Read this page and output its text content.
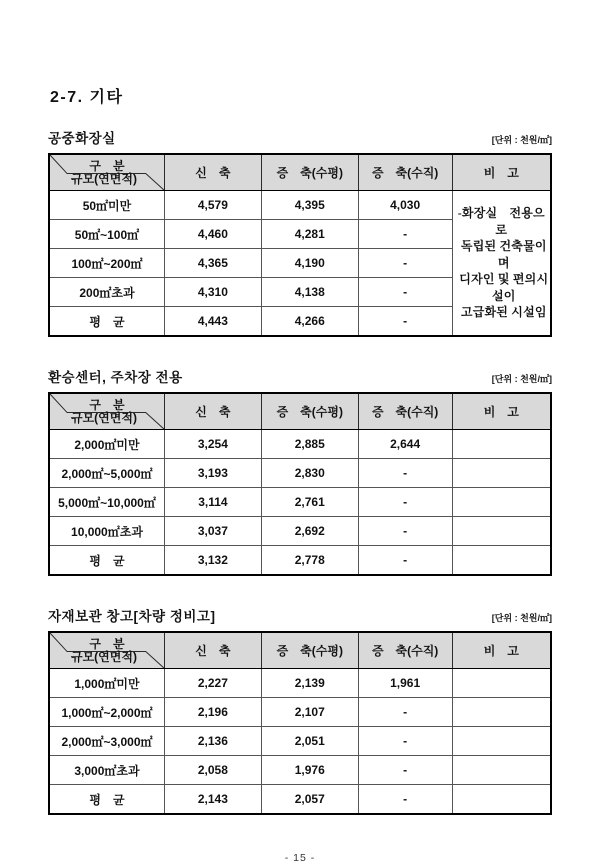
2-7. 기타
공중화장실	[단위 : 천원/㎡]
구　분
규모(연면적)	신　축	증　축(수평)	증　축(수직)	비　고
50㎡미만	4,579	4,395	4,030	-화장실　전용으로
독립된 건축물이며
디자인 및 편의시설이
고급화된 시설임

50㎡~100㎡	4,460	4,281	-	
100㎡~200㎡	4,365	4,190	-	
200㎡초과	4,310	4,138	-	
평　균	4,443	4,266	-	
환승센터, 주차장 전용	[단위 : 천원/㎡]
구　분
규모(연면적)	신　축	증　축(수평)	증　축(수직)	비　고
2,000㎡미만	3,254	2,885	2,644	
2,000㎡~5,000㎡	3,193	2,830	-	
5,000㎡~10,000㎡	3,114	2,761	-	
10,000㎡초과	3,037	2,692	-	
평　균	3,132	2,778	-	
자재보관 창고[차량 정비고]	[단위 : 천원/㎡]
구　분
규모(연면적)	신　축	증　축(수평)	증　축(수직)	비　고
1,000㎡미만	2,227	2,139	1,961	
1,000㎡~2,000㎡	2,196	2,107	-	
2,000㎡~3,000㎡	2,136	2,051	-	
3,000㎡초과	2,058	1,976	-	
평　균	2,143	2,057	-	
- 15 -
